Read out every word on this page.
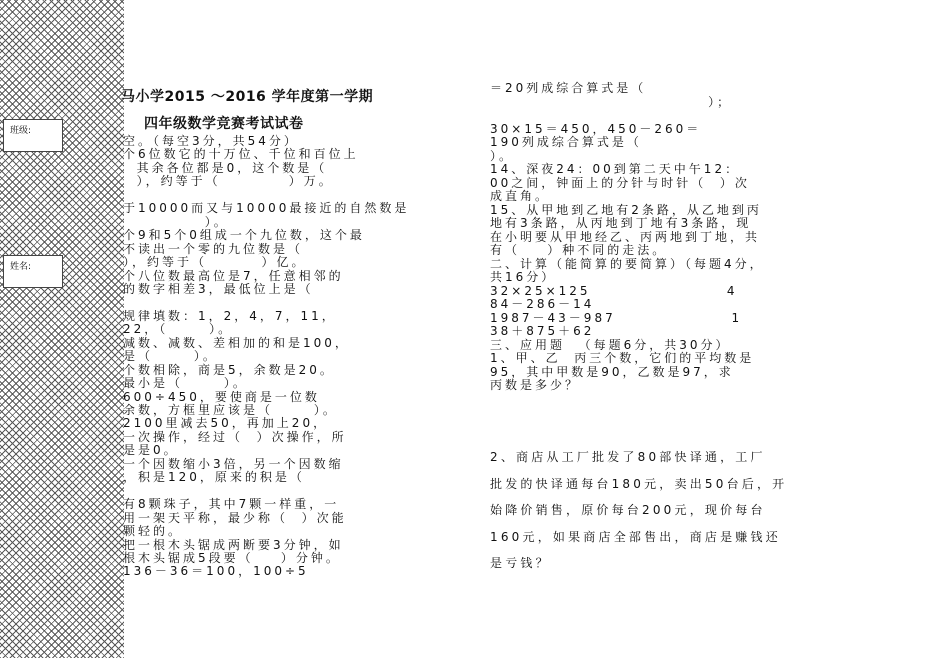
班级:
姓名:
马小学2015 ～2016 学年度第一学期
四年级数学竞赛考试试卷
空。（每空3分，共54分）
个6位数它的十万位、千位和百位上
其余各位都是0，这个数是（
），约等于（          ）万。
于10000而又与10000最接近的自然数是
）。
个9和5个0组成一个九位数，这个最
不读出一个零的九位数是（
），约等于（        ）亿。
个八位数最高位是7，任意相邻的
的数字相差3，最低位上是（
规律填数：1，2，4，7，11，
22，（      ）。
减数、减数、差相加的和是100，
是（      ）。
个数相除，商是5，余数是20。
最小是（      ）。
600÷450，要使商是一位数
余数，方框里应该是（      ）。
2100里减去50，再加上20，
一次操作，经过（  ）次操作，所
是是0。
一个因数缩小3倍，另一个因数缩
，积是120，原来的积是（
有8颗珠子，其中7颗一样重，一
用一架天平称，最少称（  ）次能
颗轻的。
把一根木头锯成两断要3分钟，如
根木头锯成5段要（    ）分钟。
136－36＝100，100÷5
＝20列成综合算式是（
）；
30×15＝450，450－260＝
190列成综合算式是（
）。
14、深夜24：00到第二天中午12：
00之间，钟面上的分针与时针（  ）次
成直角。
15、从甲地到乙地有2条路，从乙地到丙
地有3条路，从丙地到丁地有3条路，现
在小明要从甲地经乙、丙两地到丁地，共
有（    ）种不同的走法。
二、计算（能简算的要简算）（每题4分，
共16分）
32×25×125                    4
84－286－14
1987－43－987                 1
38＋875＋62
三、应用题  （每题6分，共30分）
1、甲、乙  丙三个数，它们的平均数是
95，其中甲数是90，乙数是97，求
丙数是多少？
2、商店从工厂批发了80部快译通，工厂
批发的快译通每台180元，卖出50台后，开
始降价销售，原价每台200元，现价每台
160元，如果商店全部售出，商店是赚钱还
是亏钱？
